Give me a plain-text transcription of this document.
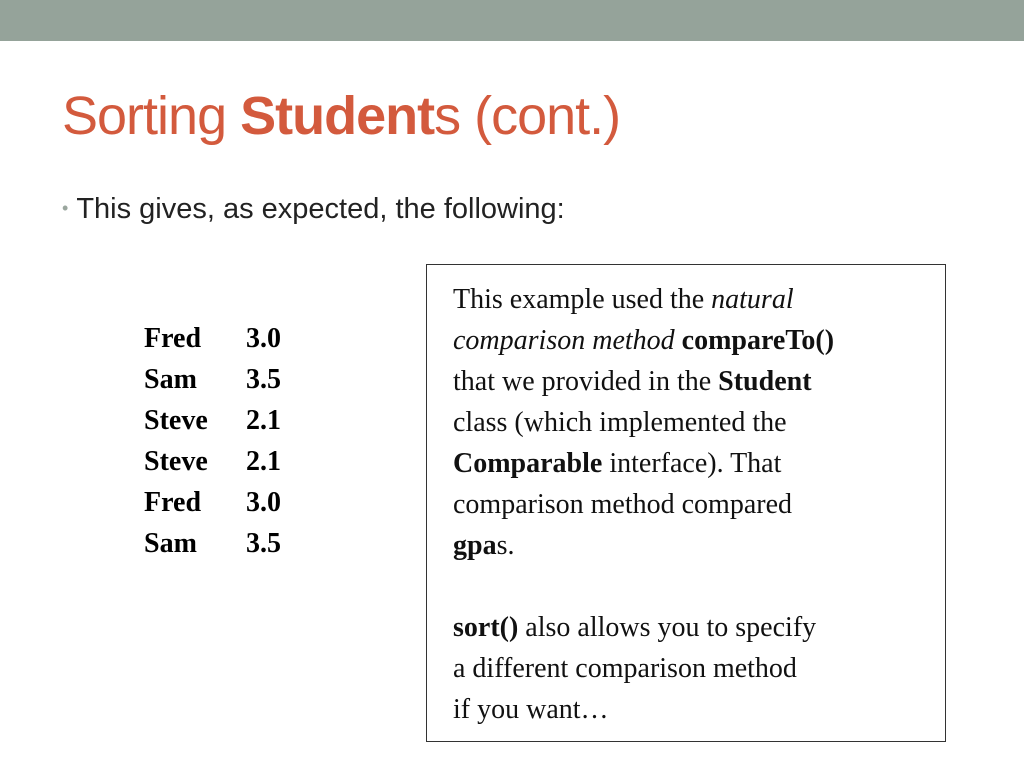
Sorting Students (cont.)
• This gives, as expected, the following:
Fred	3.0
Sam	3.5
Steve	2.1
Steve	2.1
Fred	3.0
Sam	3.5
This example used the natural
comparison method compareTo()
that we provided in the Student
class (which implemented the
Comparable interface). That
comparison method compared
gpas.
sort() also allows you to specify
a different comparison method
if you want…
